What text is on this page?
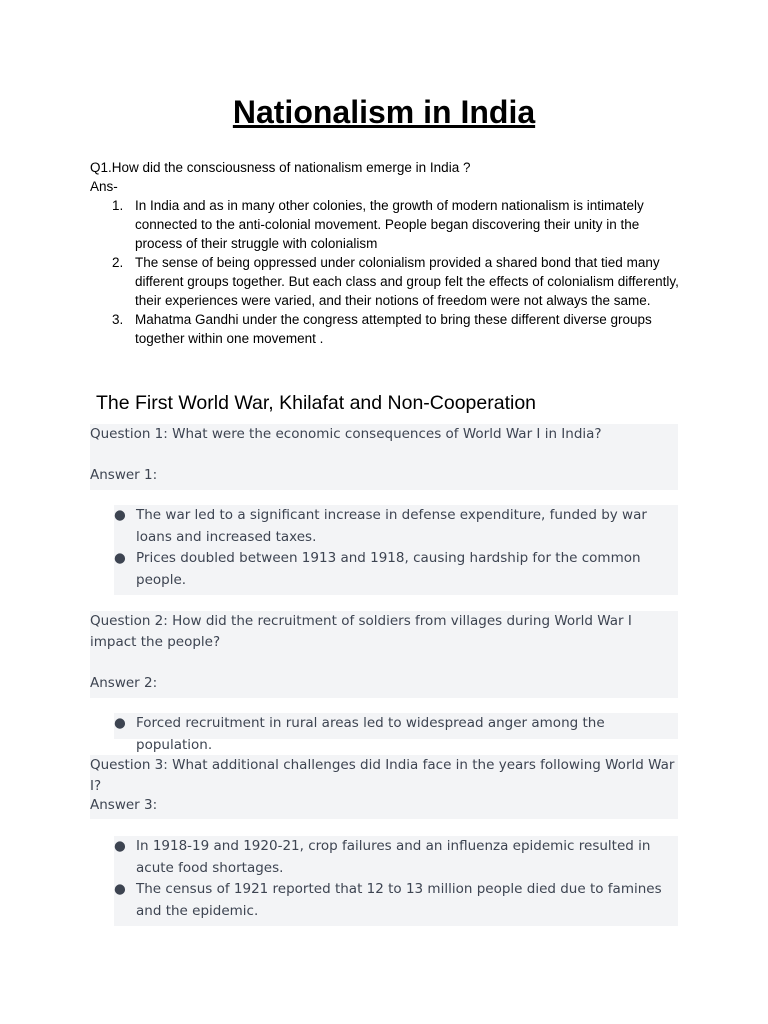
Nationalism in India

Q1.How did the consciousness of nationalism emerge in India ?

Ans-

1. In India and as in many other colonies, the growth of modern nationalism is intimately connected to the anti-colonial movement. People began discovering their unity in the process of their struggle with colonialism
2. The sense of being oppressed under colonialism provided a shared bond that tied many different groups together. But each class and group felt the effects of colonialism differently, their experiences were varied, and their notions of freedom were not always the same.
3. Mahatma Gandhi under the congress attempted to bring these different diverse groups together within one movement .
The First World War, Khilafat and Non-Cooperation
Question 1: What were the economic consequences of World War I in India?
Answer 1:
● The war led to a significant increase in defense expenditure, funded by war loans and increased taxes.
● Prices doubled between 1913 and 1918, causing hardship for the common people.
Question 2: How did the recruitment of soldiers from villages during World War I impact the people?
Answer 2:
● Forced recruitment in rural areas led to widespread anger among the population.
Question 3: What additional challenges did India face in the years following World War I?
Answer 3:
● In 1918-19 and 1920-21, crop failures and an influenza epidemic resulted in acute food shortages.
● The census of 1921 reported that 12 to 13 million people died due to famines and the epidemic.
